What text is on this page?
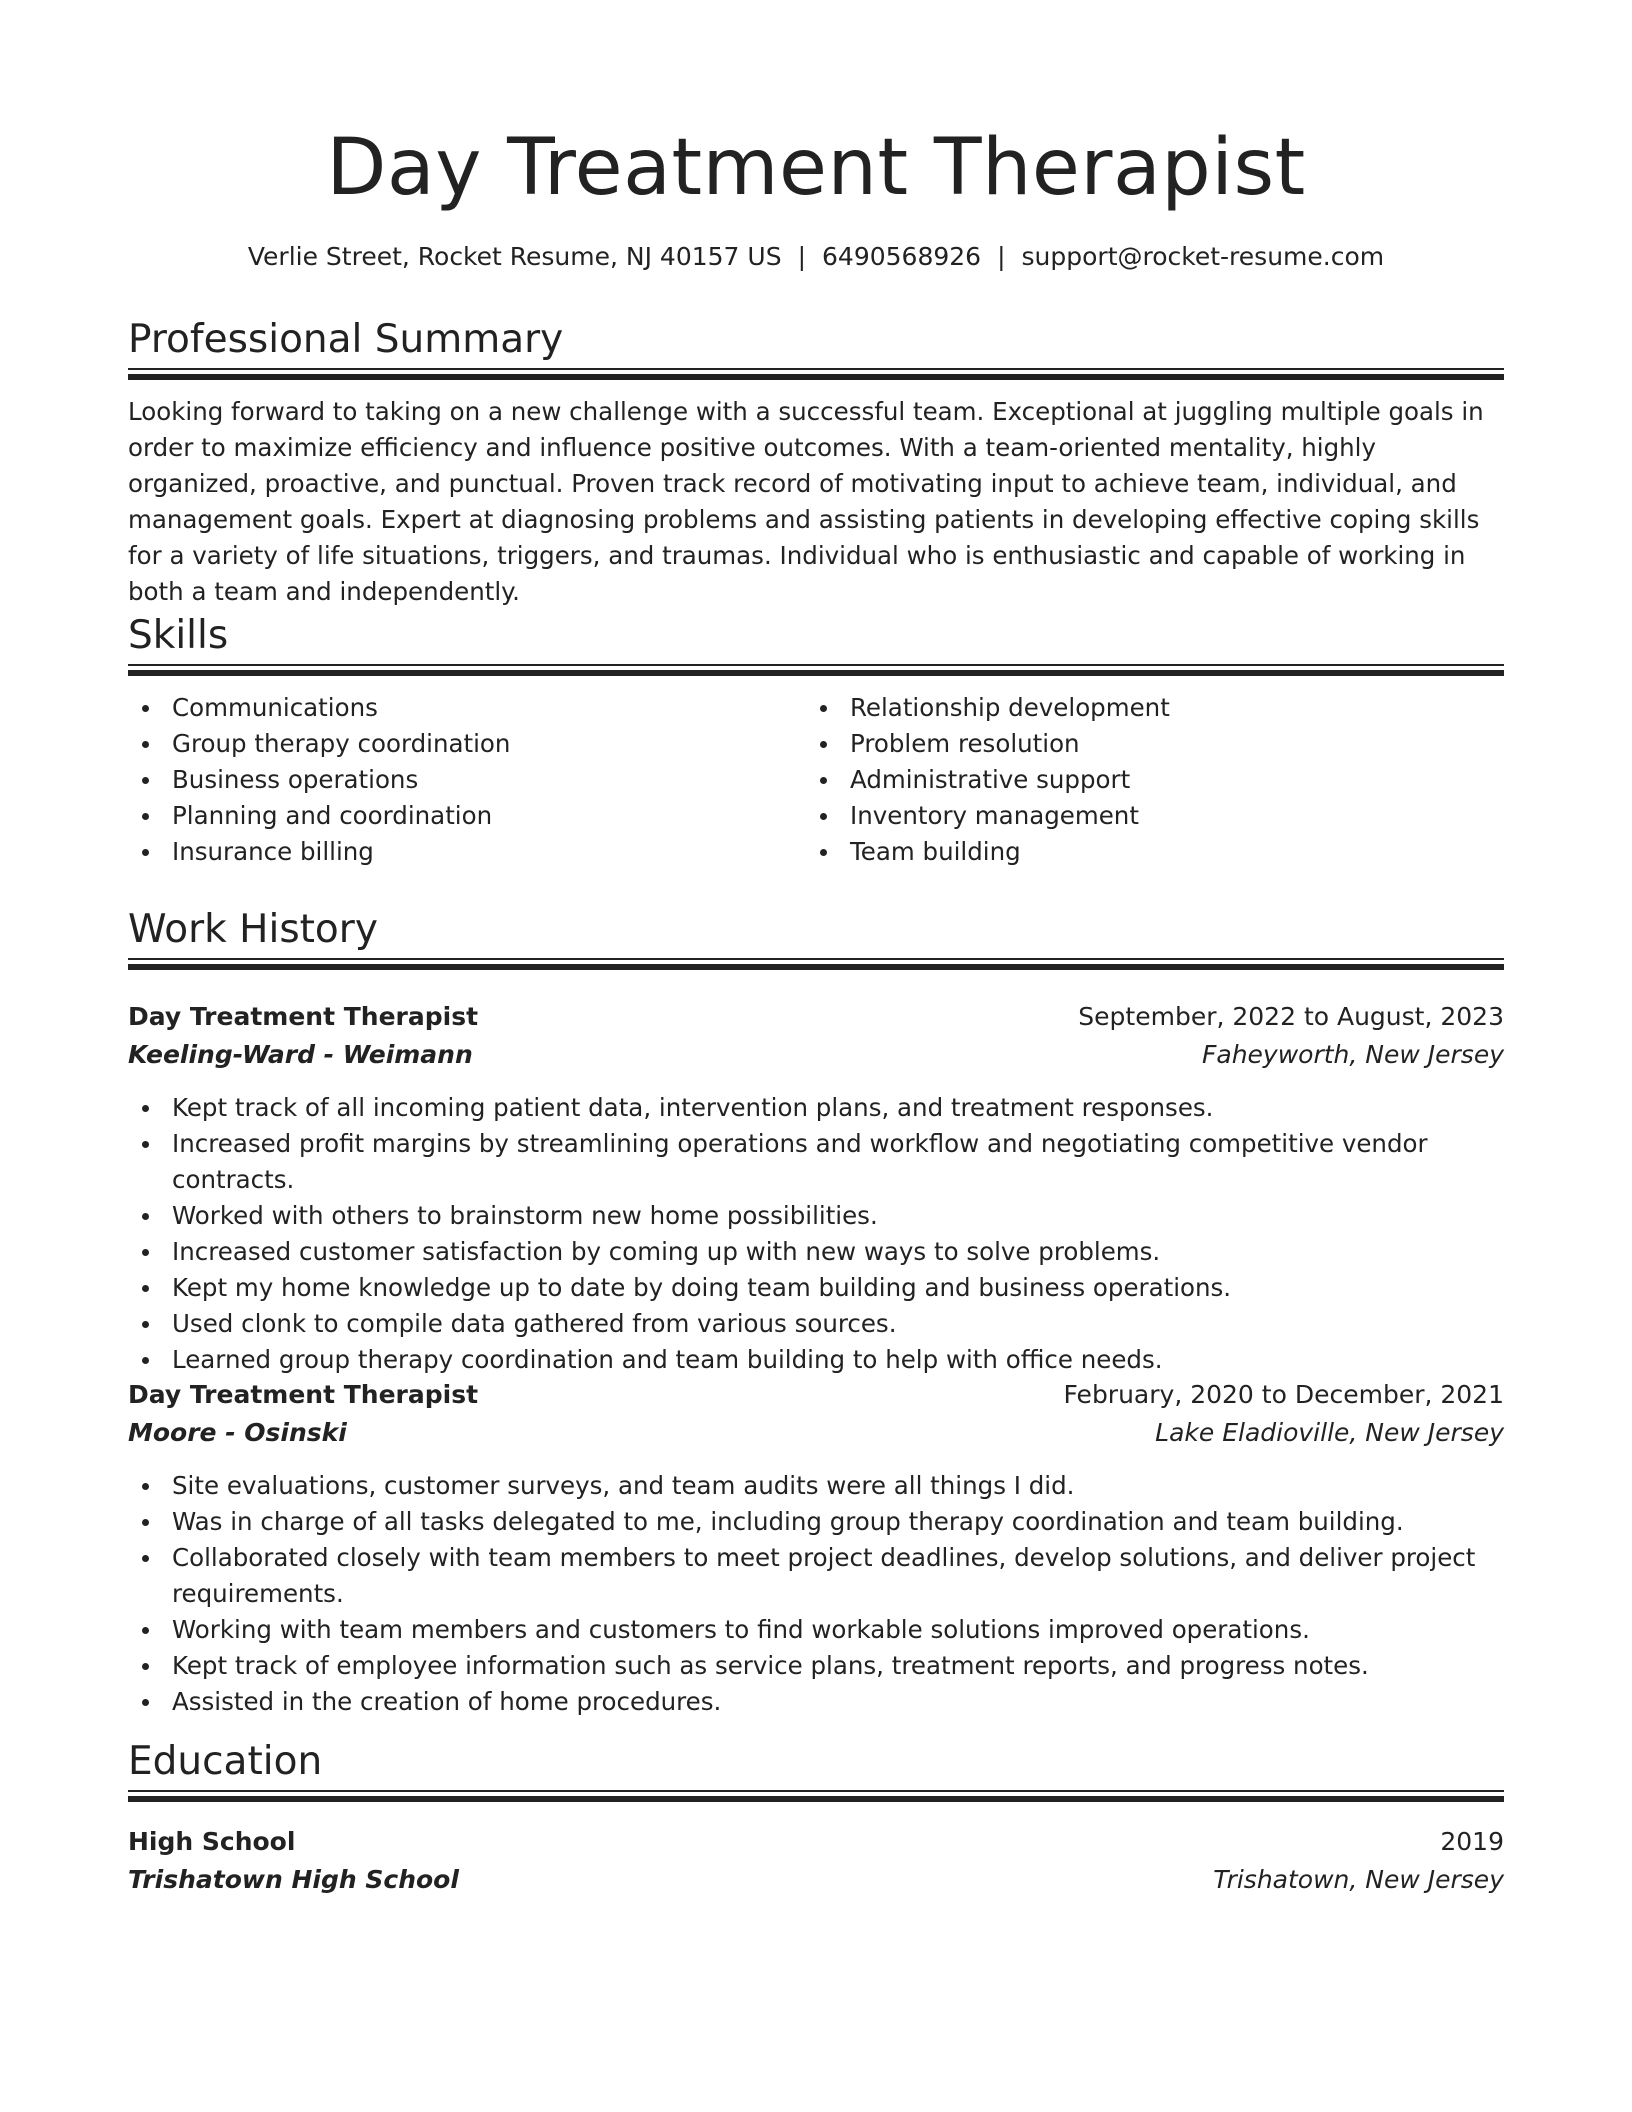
Day Treatment Therapist
Verlie Street, Rocket Resume, NJ 40157 US | 6490568926 | support@rocket-resume.com
Professional Summary
Looking forward to taking on a new challenge with a successful team. Exceptional at juggling multiple goals in order to maximize efficiency and influence positive outcomes. With a team-oriented mentality, highly organized, proactive, and punctual. Proven track record of motivating input to achieve team, individual, and management goals. Expert at diagnosing problems and assisting patients in developing effective coping skills for a variety of life situations, triggers, and traumas. Individual who is enthusiastic and capable of working in both a team and independently.
Skills
Communications
Group therapy coordination
Business operations
Planning and coordination
Insurance billing
Relationship development
Problem resolution
Administrative support
Inventory management
Team building
Work History
Day Treatment Therapist	September, 2022 to August, 2023
Keeling-Ward - Weimann	Faheyworth, New Jersey
Kept track of all incoming patient data, intervention plans, and treatment responses.
Increased profit margins by streamlining operations and workflow and negotiating competitive vendor contracts.
Worked with others to brainstorm new home possibilities.
Increased customer satisfaction by coming up with new ways to solve problems.
Kept my home knowledge up to date by doing team building and business operations.
Used clonk to compile data gathered from various sources.
Learned group therapy coordination and team building to help with office needs.
Day Treatment Therapist	February, 2020 to December, 2021
Moore - Osinski	Lake Eladioville, New Jersey
Site evaluations, customer surveys, and team audits were all things I did.
Was in charge of all tasks delegated to me, including group therapy coordination and team building.
Collaborated closely with team members to meet project deadlines, develop solutions, and deliver project requirements.
Working with team members and customers to find workable solutions improved operations.
Kept track of employee information such as service plans, treatment reports, and progress notes.
Assisted in the creation of home procedures.
Education
High School	2019
Trishatown High School	Trishatown, New Jersey
